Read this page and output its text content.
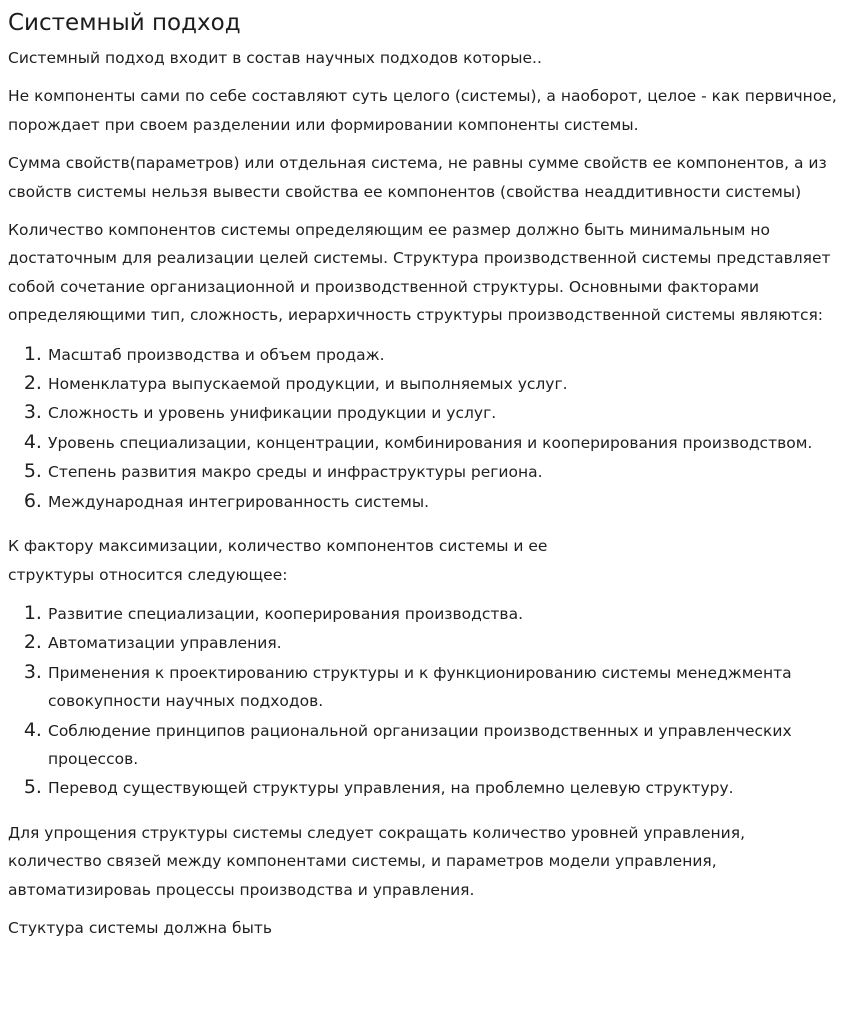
Системный подход

Системный подход входит в состав научных подходов которые..

Не компоненты сами по себе составляют суть целого (системы), а наоборот, целое - как первичное, порождает при своем разделении или формировании компоненты системы.

Сумма свойств(параметров) или отдельная система, не равны сумме свойств ее компонентов, а из свойств системы нельзя вывести свойства ее компонентов (свойства неаддитивности системы)

Количество компонентов системы определяющим ее размер должно быть минимальным но достаточным для реализации целей системы. Структура производственной системы представляет собой сочетание организационной и производственной структуры. Основными факторами определяющими тип, сложность, иерархичность структуры производственной системы являются:

1. Масштаб производства и объем продаж.
2. Номенклатура выпускаемой продукции, и выполняемых услуг.
3. Сложность и уровень унификации продукции и услуг.
4. Уровень специализации, концентрации, комбинирования и кооперирования производством.
5. Степень развития макро среды и инфраструктуры региона.
6. Международная интегрированность системы.

К фактору максимизации, количество компонентов системы и ее
структуры относится следующее:

1. Развитие специализации, кооперирования производства.
2. Автоматизации управления.
3. Применения к проектированию структуры и к функционированию системы менеджмента совокупности научных подходов.
4. Соблюдение принципов рациональной организации производственных и управленческих процессов.
5. Перевод существующей структуры управления, на проблемно целевую структуру.

Для упрощения структуры системы следует сокращать количество уровней управления, количество связей между компонентами системы, и параметров модели управления, автоматизироваь процессы производства и управления.

Стуктура системы должна быть
